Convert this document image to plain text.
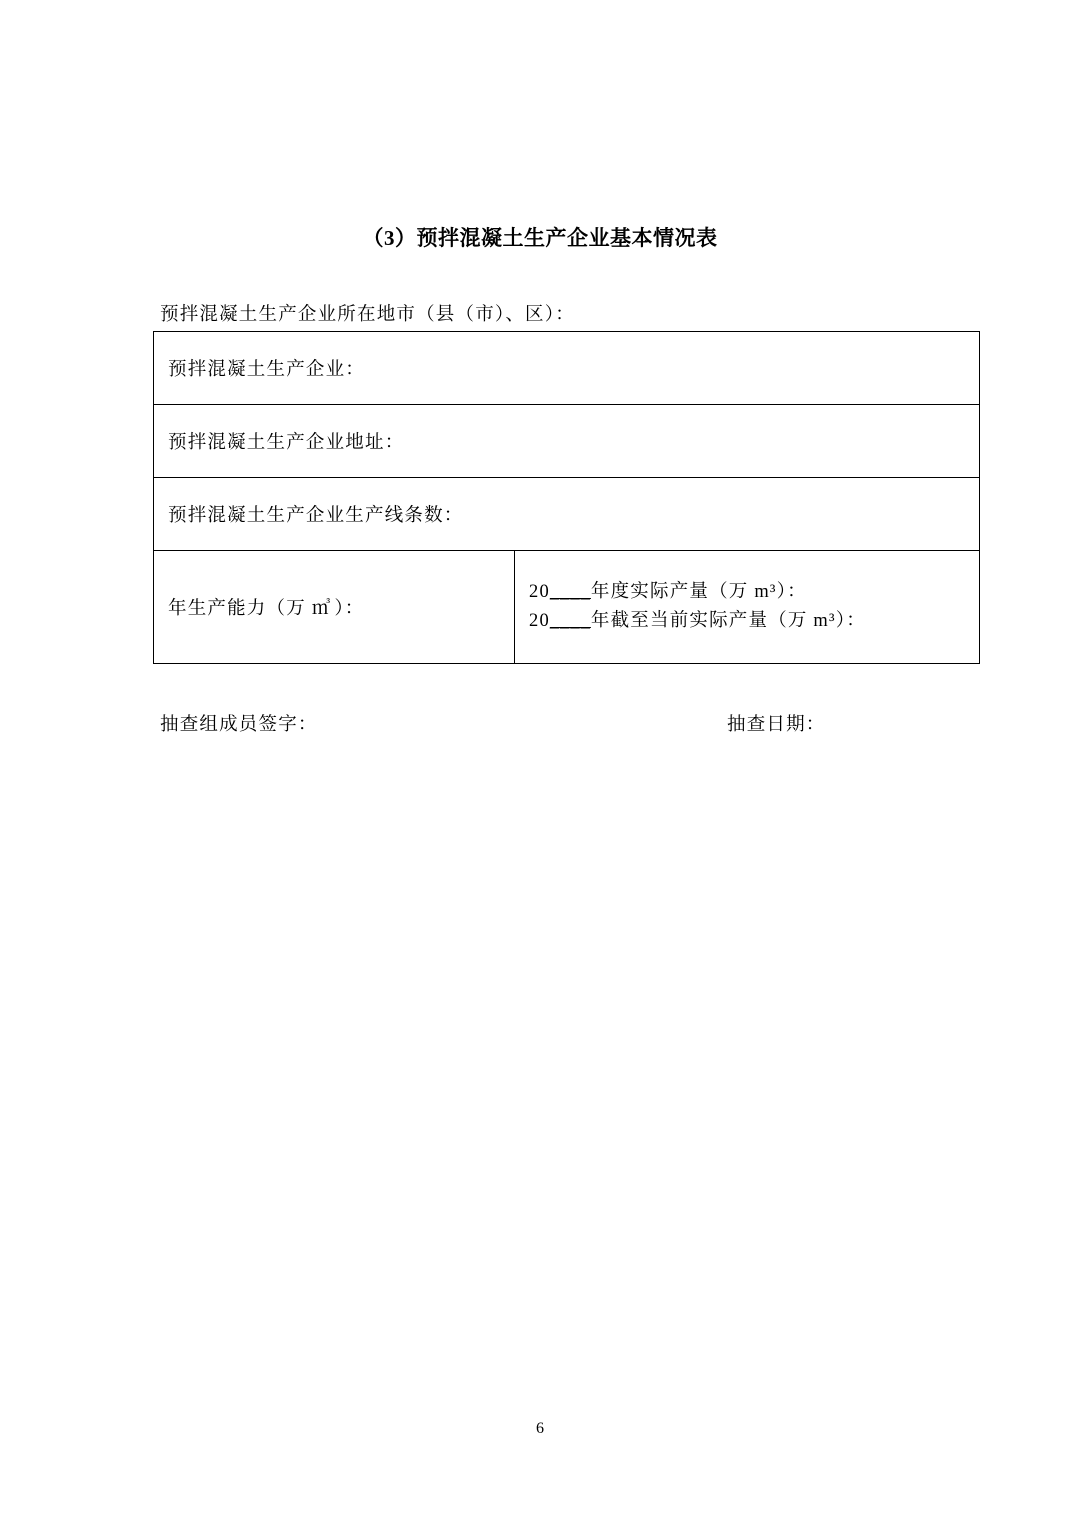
（3）预拌混凝土生产企业基本情况表
预拌混凝土生产企业所在地市（县（市）、区）：
预拌混凝土生产企业：
预拌混凝土生产企业地址：
预拌混凝土生产企业生产线条数：
年生产能力（万 ㎥ ）：	
20____年度实际产量（万 m³）：
20____年截至当前实际产量（万 m³）：
抽查组成员签字：	抽查日期：
6
